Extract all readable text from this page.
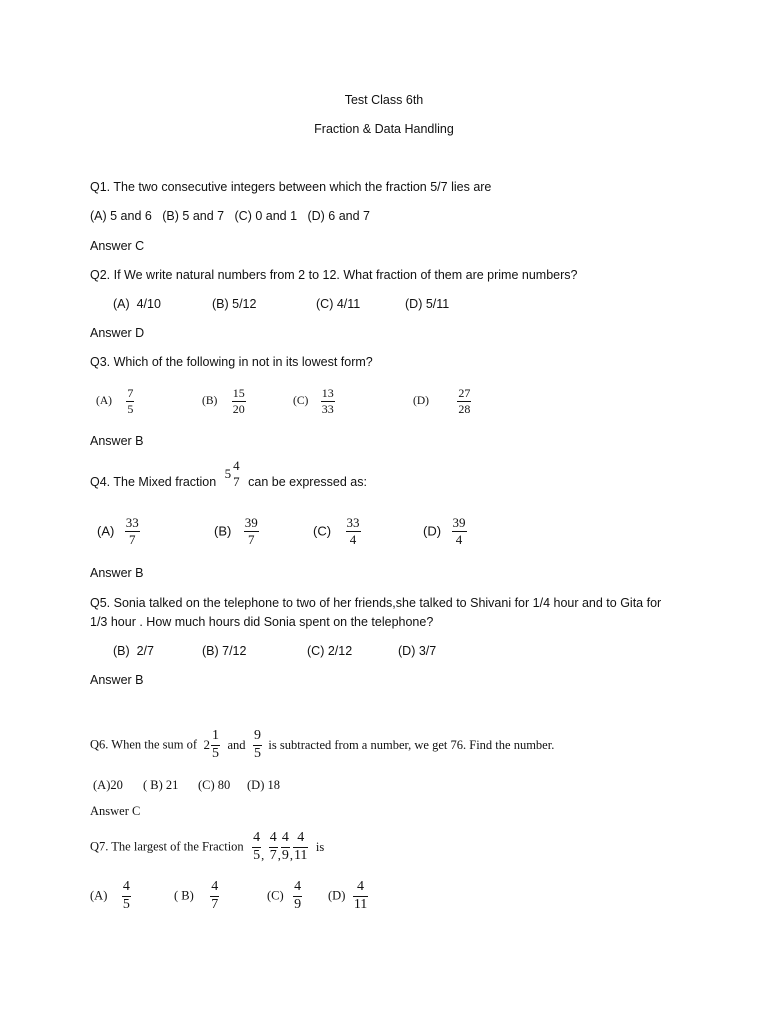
Test Class 6th
Fraction & Data Handling
Q1. The two consecutive integers between which the fraction 5/7 lies are
(A) 5 and 6   (B) 5 and 7   (C) 0 and 1   (D) 6 and 7
Answer C
Q2. If We write natural numbers from 2 to 12. What fraction of them are prime numbers?
(A)  4/10	(B) 5/12	(C) 4/11	(D) 5/11
Answer D
Q3. Which of the following in not in its lowest form?
$(A) \frac{7}{5}$	$(B) \frac{15}{20}$	$(C) \frac{13}{33}$	$(D) \frac{27}{28}$
Answer B
$_{Q4. The Mixed fraction}$
5
4
7 $_{can be expressed as:}$
$(A) \frac{33}{7}$	$(B) \frac{39}{7}$	$(C) \frac{33}{4}$	$(D) \frac{39}{4}$
Answer B
Q5. Sonia talked on the telephone to two of her friends,she talked to Shivani for 1/4 hour and to Gita for
1/3 hour . How much hours did Sonia spent on the telephone?
(B)  2/7	(B) 7/12	(C) 2/12	(D) 3/7
Answer B
Q6. When the sum of $2 \frac{1}{5}$ and $\frac{9}{5}$ is subtracted from a number, we get 76. Find the number.
(A)20 ( B) 21 (C) 80 (D) 18
Answer C
Q7. The largest of the Fraction $\frac{4}{5} _, \frac{4}{7} _, \frac{4}{9} _, \frac{4}{11}$ is
$(A) \frac{4}{5}$	( $B) \frac{4}{7}$	$(C) \frac{4}{9} (D) \frac{4}{11}$
